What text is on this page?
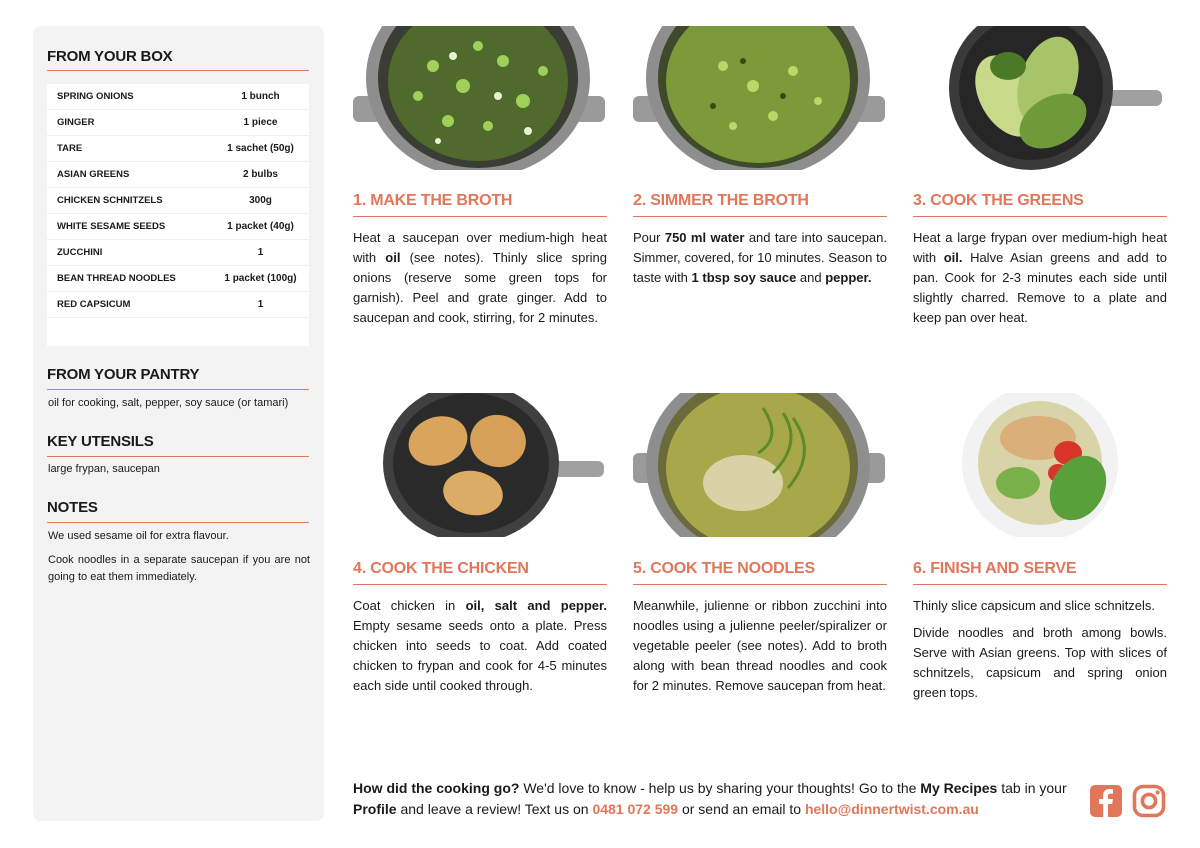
FROM YOUR BOX
SPRING ONIONS	1 bunch
GINGER	1 piece
TARE	1 sachet (50g)
ASIAN GREENS	2 bulbs
CHICKEN SCHNITZELS	300g
WHITE SESAME SEEDS	1 packet (40g)
ZUCCHINI	1
BEAN THREAD NOODLES	1 packet (100g)
RED CAPSICUM	1
FROM YOUR PANTRY
oil for cooking, salt, pepper, soy sauce (or tamari)
KEY UTENSILS
large frypan, saucepan
NOTES
We used sesame oil for extra flavour.
Cook noodles in a separate saucepan if you are not going to eat them immediately.
1. MAKE THE BROTH
Heat a saucepan over medium-high heat with oil (see notes). Thinly slice spring onions (reserve some green tops for garnish). Peel and grate ginger. Add to saucepan and cook, stirring, for 2 minutes.
2. SIMMER THE BROTH
Pour 750 ml water and tare into saucepan. Simmer, covered, for 10 minutes. Season to taste with 1 tbsp soy sauce and pepper.
3. COOK THE GREENS
Heat a large frypan over medium-high heat with oil. Halve Asian greens and add to pan. Cook for 2-3 minutes each side until slightly charred. Remove to a plate and keep pan over heat.
4. COOK THE CHICKEN
Coat chicken in oil, salt and pepper. Empty sesame seeds onto a plate. Press chicken into seeds to coat. Add coated chicken to frypan and cook for 4-5 minutes each side until cooked through.
5. COOK THE NOODLES
Meanwhile, julienne or ribbon zucchini into noodles using a julienne peeler/spiralizer or vegetable peeler (see notes). Add to broth along with bean thread noodles and cook for 2 minutes. Remove saucepan from heat.
6. FINISH AND SERVE

Thinly slice capsicum and slice schnitzels.

Divide noodles and broth among bowls. Serve with Asian greens. Top with slices of schnitzels, capsicum and spring onion green tops.

How did the cooking go? We'd love to know - help us by sharing your thoughts! Go to the My Recipes tab in your Profile and leave a review! Text us on 0481 072 599 or send an email to hello@dinnertwist.com.au
